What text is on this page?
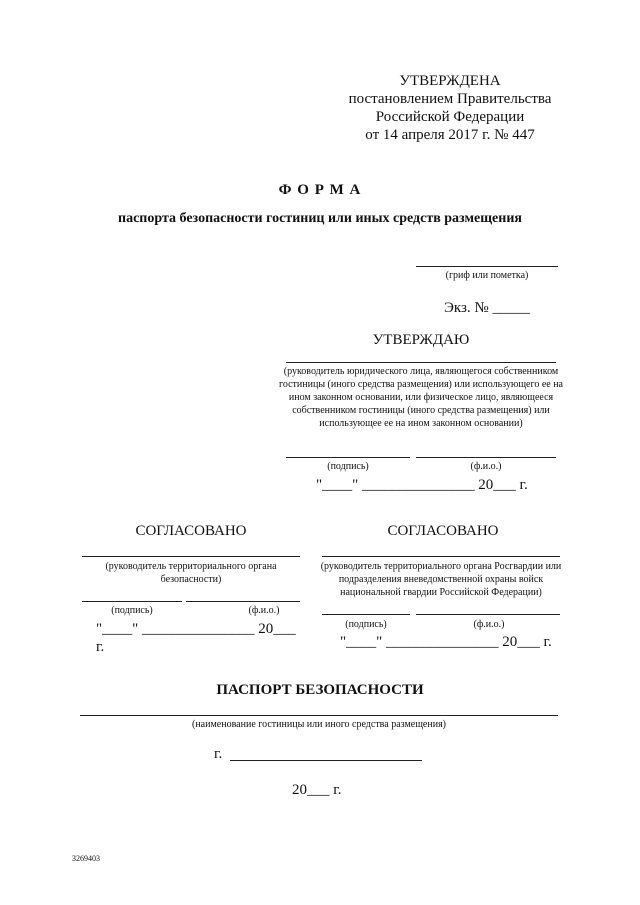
УТВЕРЖДЕНА
постановлением Правительства
Российской Федерации
от 14 апреля 2017 г. № 447
Ф О Р М А
паспорта безопасности гостиниц или иных средств размещения
(гриф или пометка)
Экз. № _____
УТВЕРЖДАЮ
(руководитель юридического лица, являющегося собственником гостиницы (иного средства размещения) или использующего ее на ином законном основании, или физическое лицо, являющееся собственником гостиницы (иного средства размещения) или использующее ее на ином законном основании)
(подпись)	(ф.и.о.)
"____" _______________ 20___ г.
СОГЛАСОВАНО
(руководитель территориального органа безопасности)
(подпись)	(ф.и.о.)
"____" _______________ 20___ г.
СОГЛАСОВАНО
(руководитель территориального органа Росгвардии или подразделения вневедомственной охраны войск национальной гвардии Российской Федерации)
(подпись)	(ф.и.о.)
"____" _______________ 20___ г.
ПАСПОРТ БЕЗОПАСНОСТИ
(наименование гостиницы или иного средства размещения)
г.
20___ г.
3269403
